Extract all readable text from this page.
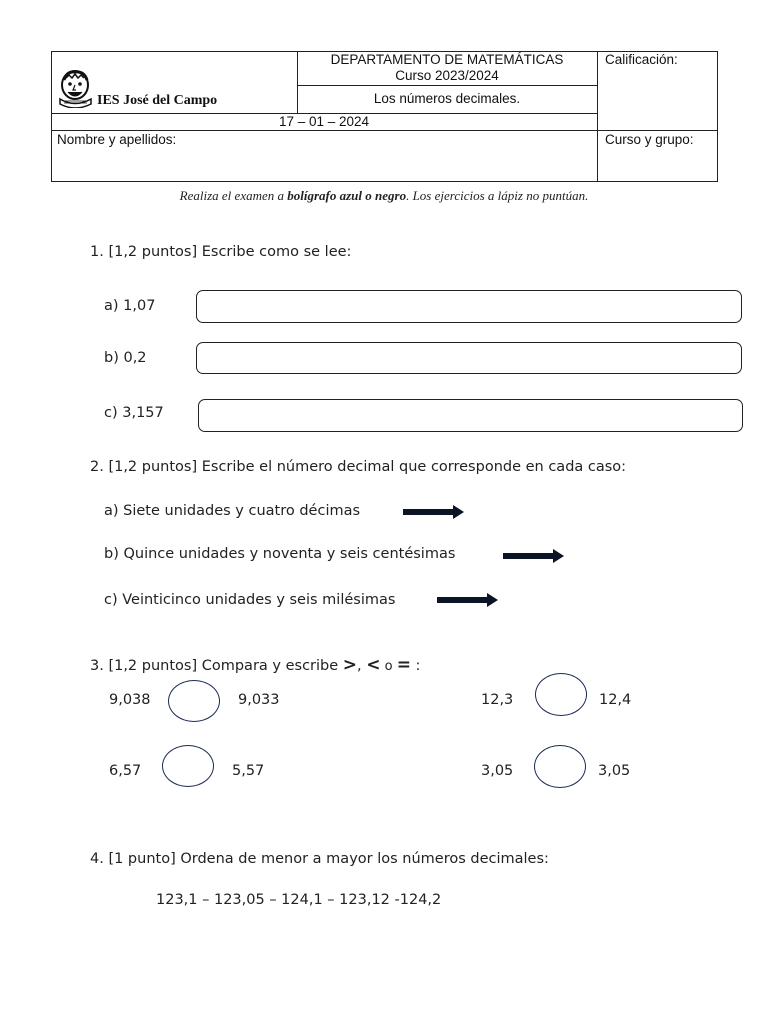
IES José del Campo
DEPARTAMENTO DE MATEMÁTICAS
Curso 2023/2024
Los números decimales.
17 – 01 – 2024
Calificación:
Nombre y apellidos:	Curso y grupo:
Realiza el examen a bolígrafo azul o negro. Los ejercicios a lápiz no puntúan.
1. [1,2 puntos] Escribe como se lee:
a) 1,07
b) 0,2
c) 3,157
2. [1,2 puntos] Escribe el número decimal que corresponde en cada caso:
a) Siete unidades y cuatro décimas
b) Quince unidades y noventa y seis centésimas
c) Veinticinco unidades y seis milésimas
3. [1,2 puntos] Compara y escribe >, < o = :
9,038	9,033	12,3	12,4
6,57	5,57	3,05	3,05
4. [1 punto] Ordena de menor a mayor los números decimales:
123,1 – 123,05 – 124,1 – 123,12 -124,2
